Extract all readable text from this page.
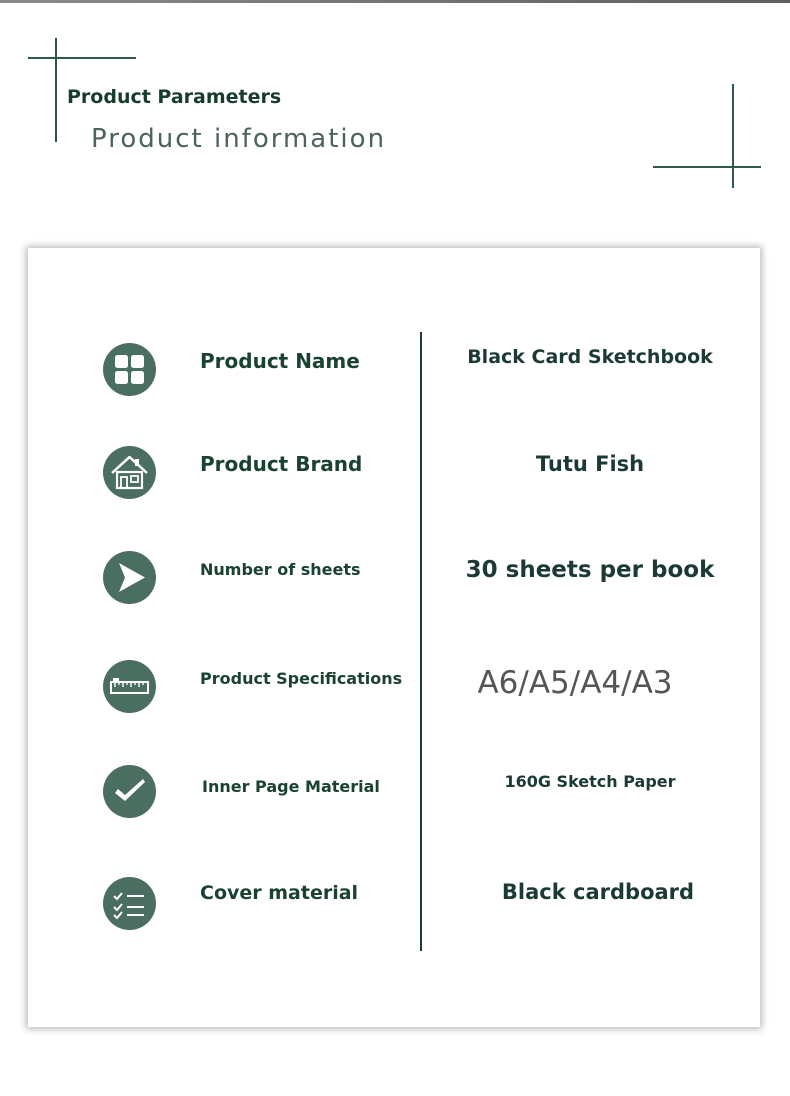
Product Parameters
Product information
Product Name	Black Card Sketchbook
Product Brand	Tutu Fish
Number of sheets	30 sheets per book
Product Specifications	A6/A5/A4/A3
Inner Page Material	160G Sketch Paper
Cover material	Black cardboard
